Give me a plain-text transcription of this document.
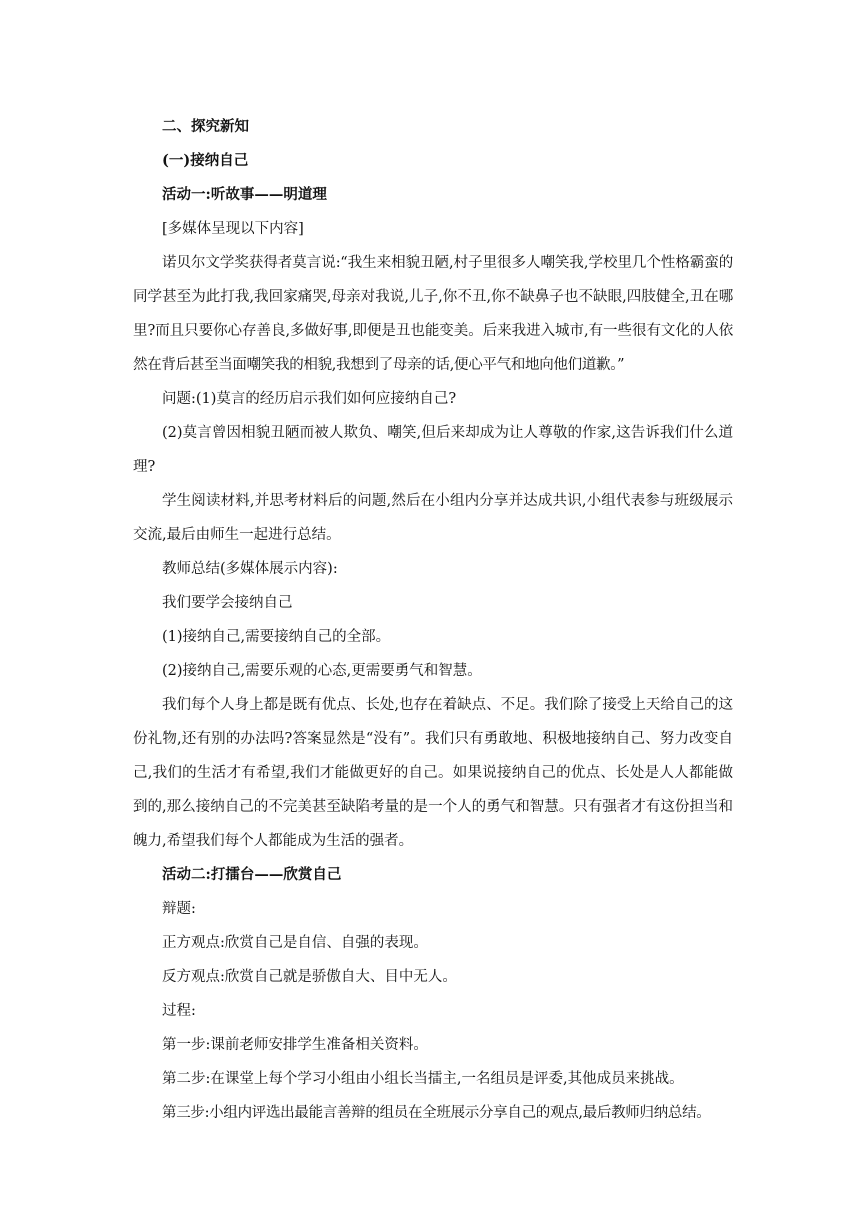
二、探究新知

(一)接纳自己

活动一:听故事——明道理

[多媒体呈现以下内容]

诺贝尔文学奖获得者莫言说:“我生来相貌丑陋,村子里很多人嘲笑我,学校里几个性格霸蛮的同学甚至为此打我,我回家痛哭,母亲对我说,儿子,你不丑,你不缺鼻子也不缺眼,四肢健全,丑在哪里?而且只要你心存善良,多做好事,即便是丑也能变美。后来我进入城市,有一些很有文化的人依然在背后甚至当面嘲笑我的相貌,我想到了母亲的话,便心平气和地向他们道歉。”

问题:(1)莫言的经历启示我们如何应接纳自己?

(2)莫言曾因相貌丑陋而被人欺负、嘲笑,但后来却成为让人尊敬的作家,这告诉我们什么道理?

学生阅读材料,并思考材料后的问题,然后在小组内分享并达成共识,小组代表参与班级展示交流,最后由师生一起进行总结。

教师总结(多媒体展示内容):

我们要学会接纳自己

(1)接纳自己,需要接纳自己的全部。

(2)接纳自己,需要乐观的心态,更需要勇气和智慧。

我们每个人身上都是既有优点、长处,也存在着缺点、不足。我们除了接受上天给自己的这份礼物,还有别的办法吗?答案显然是“没有”。我们只有勇敢地、积极地接纳自己、努力改变自己,我们的生活才有希望,我们才能做更好的自己。如果说接纳自己的优点、长处是人人都能做到的,那么接纳自己的不完美甚至缺陷考量的是一个人的勇气和智慧。只有强者才有这份担当和魄力,希望我们每个人都能成为生活的强者。

活动二:打擂台——欣赏自己

辩题:

正方观点:欣赏自己是自信、自强的表现。

反方观点:欣赏自己就是骄傲自大、目中无人。

过程:

第一步:课前老师安排学生准备相关资料。

第二步:在课堂上每个学习小组由小组长当擂主,一名组员是评委,其他成员来挑战。

第三步:小组内评选出最能言善辩的组员在全班展示分享自己的观点,最后教师归纳总结。
